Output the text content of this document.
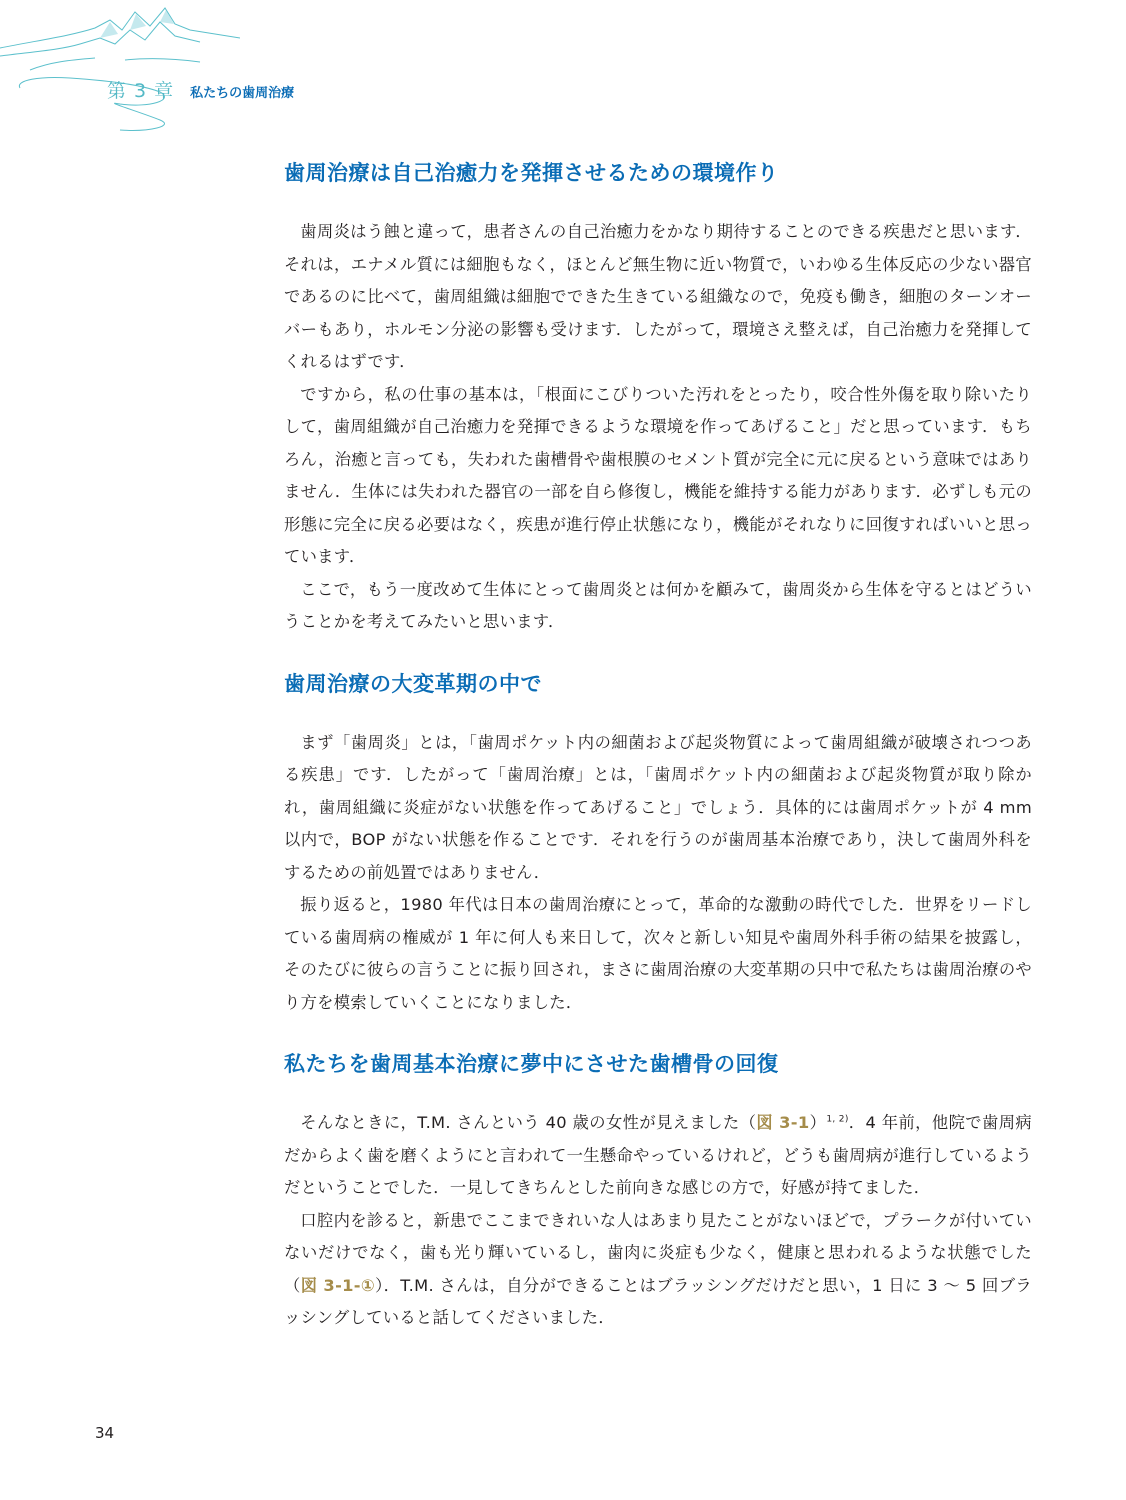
第 3 章 私たちの歯周治療
歯周治療は自己治癒力を発揮させるための環境作り

歯周炎はう蝕と違って，患者さんの自己治癒力をかなり期待することのできる疾患だと思います．それは，エナメル質には細胞もなく，ほとんど無生物に近い物質で，いわゆる生体反応の少ない器官であるのに比べて，歯周組織は細胞でできた生きている組織なので，免疫も働き，細胞のターンオーバーもあり，ホルモン分泌の影響も受けます．したがって，環境さえ整えば，自己治癒力を発揮してくれるはずです．

ですから，私の仕事の基本は，「根面にこびりついた汚れをとったり，咬合性外傷を取り除いたりして，歯周組織が自己治癒力を発揮できるような環境を作ってあげること」だと思っています．もちろん，治癒と言っても，失われた歯槽骨や歯根膜のセメント質が完全に元に戻るという意味ではありません．生体には失われた器官の一部を自ら修復し，機能を維持する能力があります．必ずしも元の形態に完全に戻る必要はなく，疾患が進行停止状態になり，機能がそれなりに回復すればいいと思っています．

ここで，もう一度改めて生体にとって歯周炎とは何かを顧みて，歯周炎から生体を守るとはどういうことかを考えてみたいと思います．

歯周治療の大変革期の中で

まず「歯周炎」とは，「歯周ポケット内の細菌および起炎物質によって歯周組織が破壊されつつある疾患」です．したがって「歯周治療」とは，「歯周ポケット内の細菌および起炎物質が取り除かれ，歯周組織に炎症がない状態を作ってあげること」でしょう．具体的には歯周ポケットが 4 mm 以内で，BOP がない状態を作ることです．それを行うのが歯周基本治療であり，決して歯周外科をするための前処置ではありません．

振り返ると，1980 年代は日本の歯周治療にとって，革命的な激動の時代でした．世界をリードしている歯周病の権威が 1 年に何人も来日して，次々と新しい知見や歯周外科手術の結果を披露し，そのたびに彼らの言うことに振り回され，まさに歯周治療の大変革期の只中で私たちは歯周治療のやり方を模索していくことになりました．

私たちを歯周基本治療に夢中にさせた歯槽骨の回復

そんなときに，T.M. さんという 40 歳の女性が見えました（図 3-1）$^{1, 2)}$．4 年前，他院で歯周病だからよく歯を磨くようにと言われて一生懸命やっているけれど，どうも歯周病が進行しているようだということでした．一見してきちんとした前向きな感じの方で，好感が持てました．

口腔内を診ると，新患でここまできれいな人はあまり見たことがないほどで，プラークが付いていないだけでなく，歯も光り輝いているし，歯肉に炎症も少なく，健康と思われるような状態でした（図 3-1-①）．T.M. さんは，自分ができることはブラッシングだけだと思い，1 日に 3 ～ 5 回ブラッシングしていると話してくださいました．

34
